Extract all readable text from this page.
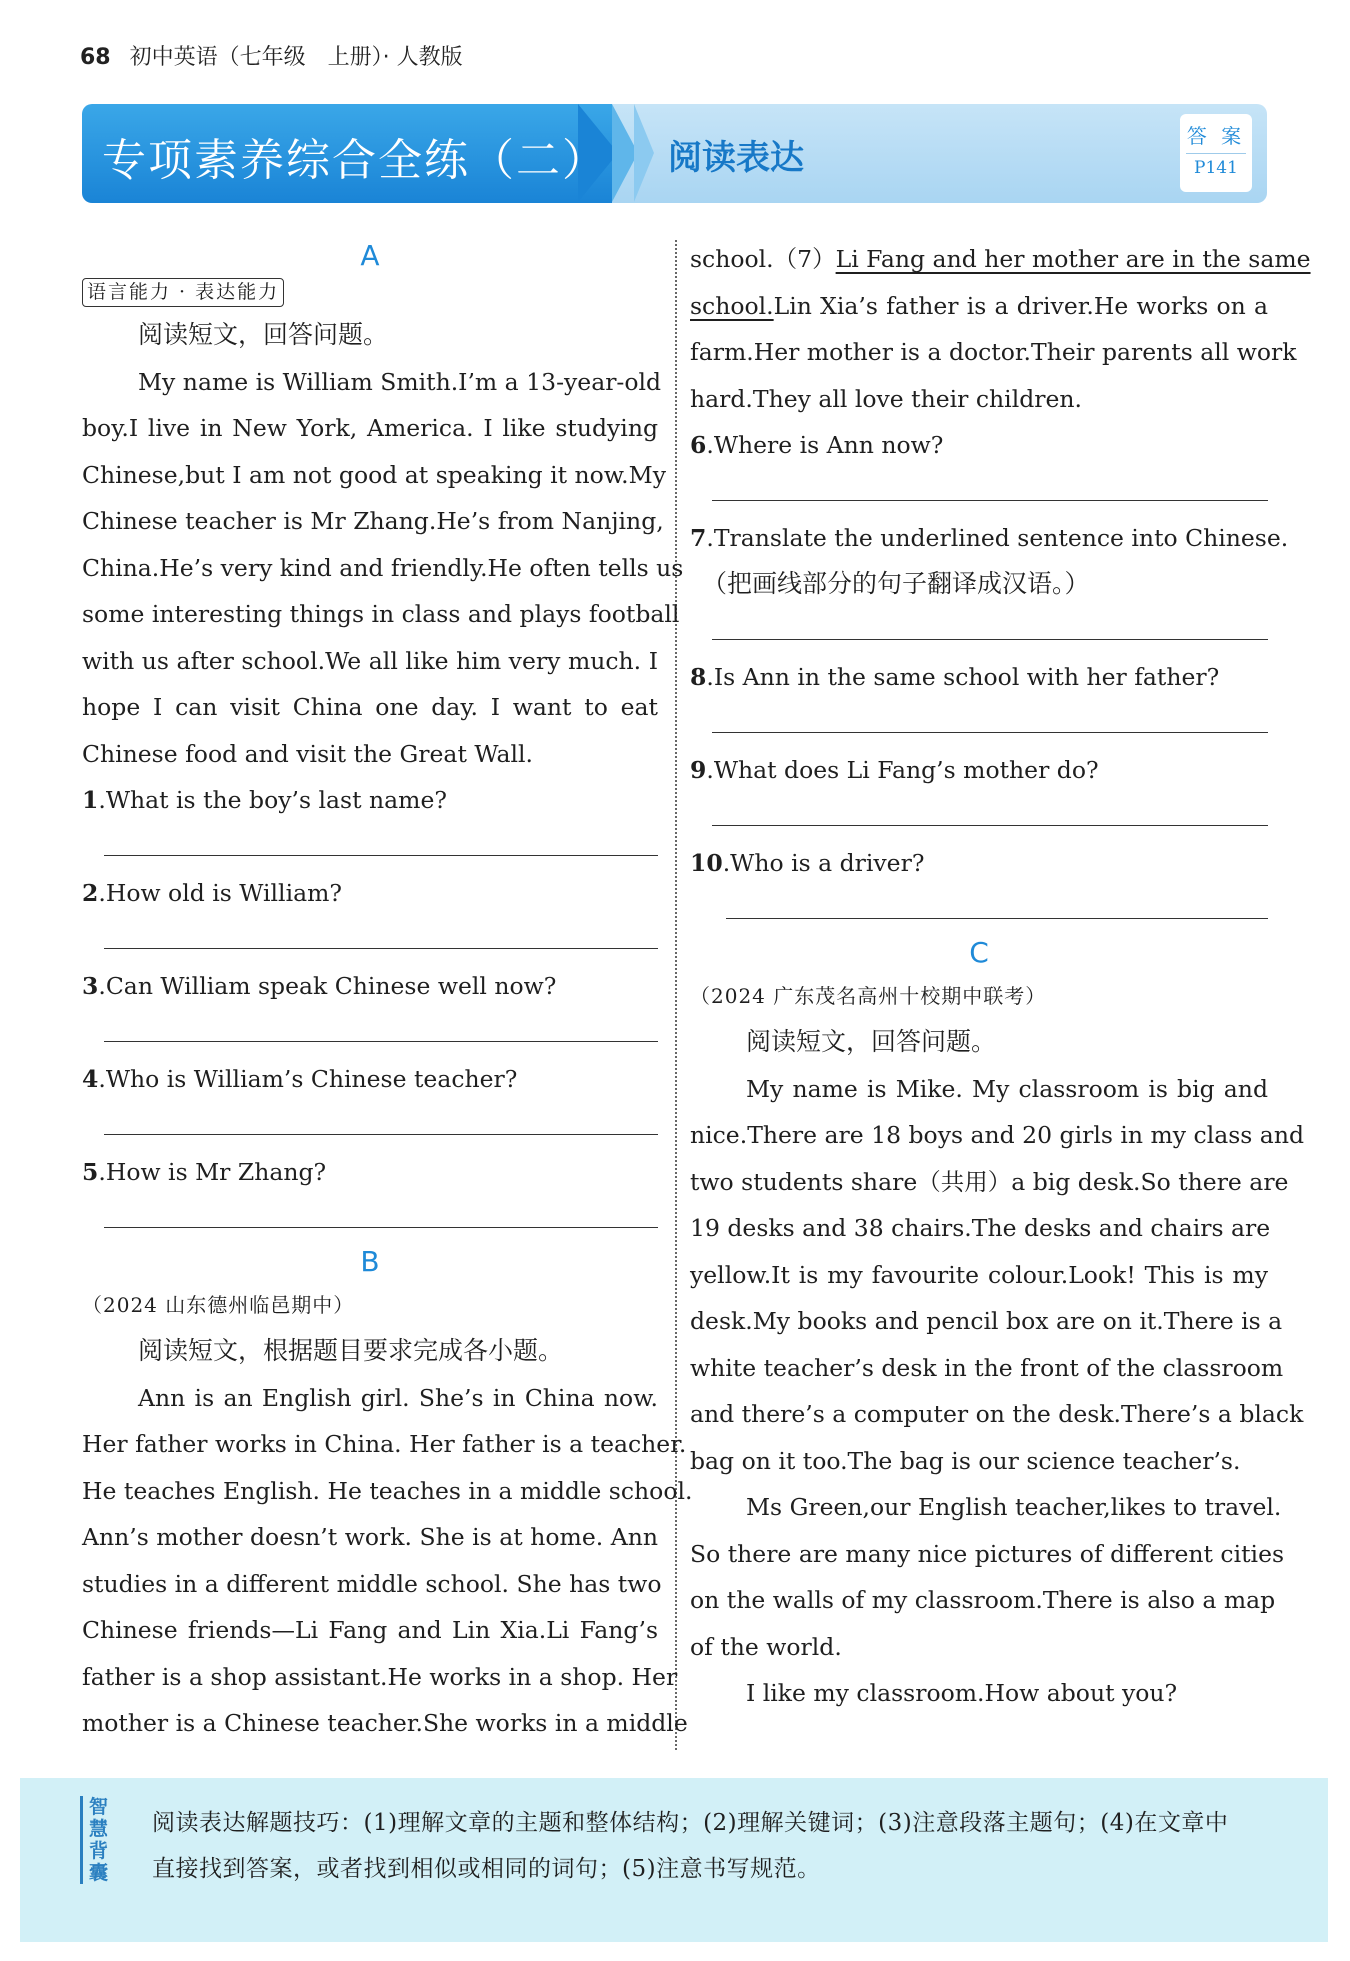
68 初中英语（七年级　上册）· 人教版
专项素养综合全练（二） 阅读表达
答 案
P141
A
语言能力 · 表达能力
阅读短文，回答问题。
My name is William Smith.I’m a 13-year-old
boy.I live in New York, America. I like studying
Chinese,but I am not good at speaking it now.My
Chinese teacher is Mr Zhang.He’s from Nanjing,
China.He’s very kind and friendly.He often tells us
some interesting things in class and plays football
with us after school.We all like him very much. I
hope I can visit China one day. I want to eat
Chinese food and visit the Great Wall.
1.What is the boy’s last name?
2.How old is William?
3.Can William speak Chinese well now?
4.Who is William’s Chinese teacher?
5.How is Mr Zhang?
B
（2024 山东德州临邑期中）
阅读短文，根据题目要求完成各小题。
Ann is an English girl. She’s in China now.
Her father works in China. Her father is a teacher.
He teaches English. He teaches in a middle school.
Ann’s mother doesn’t work. She is at home. Ann
studies in a different middle school. She has two
Chinese friends—Li Fang and Lin Xia.Li Fang’s
father is a shop assistant.He works in a shop. Her
mother is a Chinese teacher.She works in a middle
school.（7）Li Fang and her mother are in the same
school.Lin Xia’s father is a driver.He works on a
farm.Her mother is a doctor.Their parents all work
hard.They all love their children.
6.Where is Ann now?
7.Translate the underlined sentence into Chinese.
（把画线部分的句子翻译成汉语。）
8.Is Ann in the same school with her father?
9.What does Li Fang’s mother do?
10.Who is a driver?
C
（2024 广东茂名高州十校期中联考）
阅读短文，回答问题。
My name is Mike. My classroom is big and
nice.There are 18 boys and 20 girls in my class and
two students share（共用）a big desk.So there are
19 desks and 38 chairs.The desks and chairs are
yellow.It is my favourite colour.Look! This is my
desk.My books and pencil box are on it.There is a
white teacher’s desk in the front of the classroom
and there’s a computer on the desk.There’s a black
bag on it too.The bag is our science teacher’s.
Ms Green,our English teacher,likes to travel.
So there are many nice pictures of different cities
on the walls of my classroom.There is also a map
of the world.
I like my classroom.How about you?
智慧背囊
阅读表达解题技巧：(1)理解文章的主题和整体结构；(2)理解关键词；(3)注意段落主题句；(4)在文章中
直接找到答案，或者找到相似或相同的词句；(5)注意书写规范。
